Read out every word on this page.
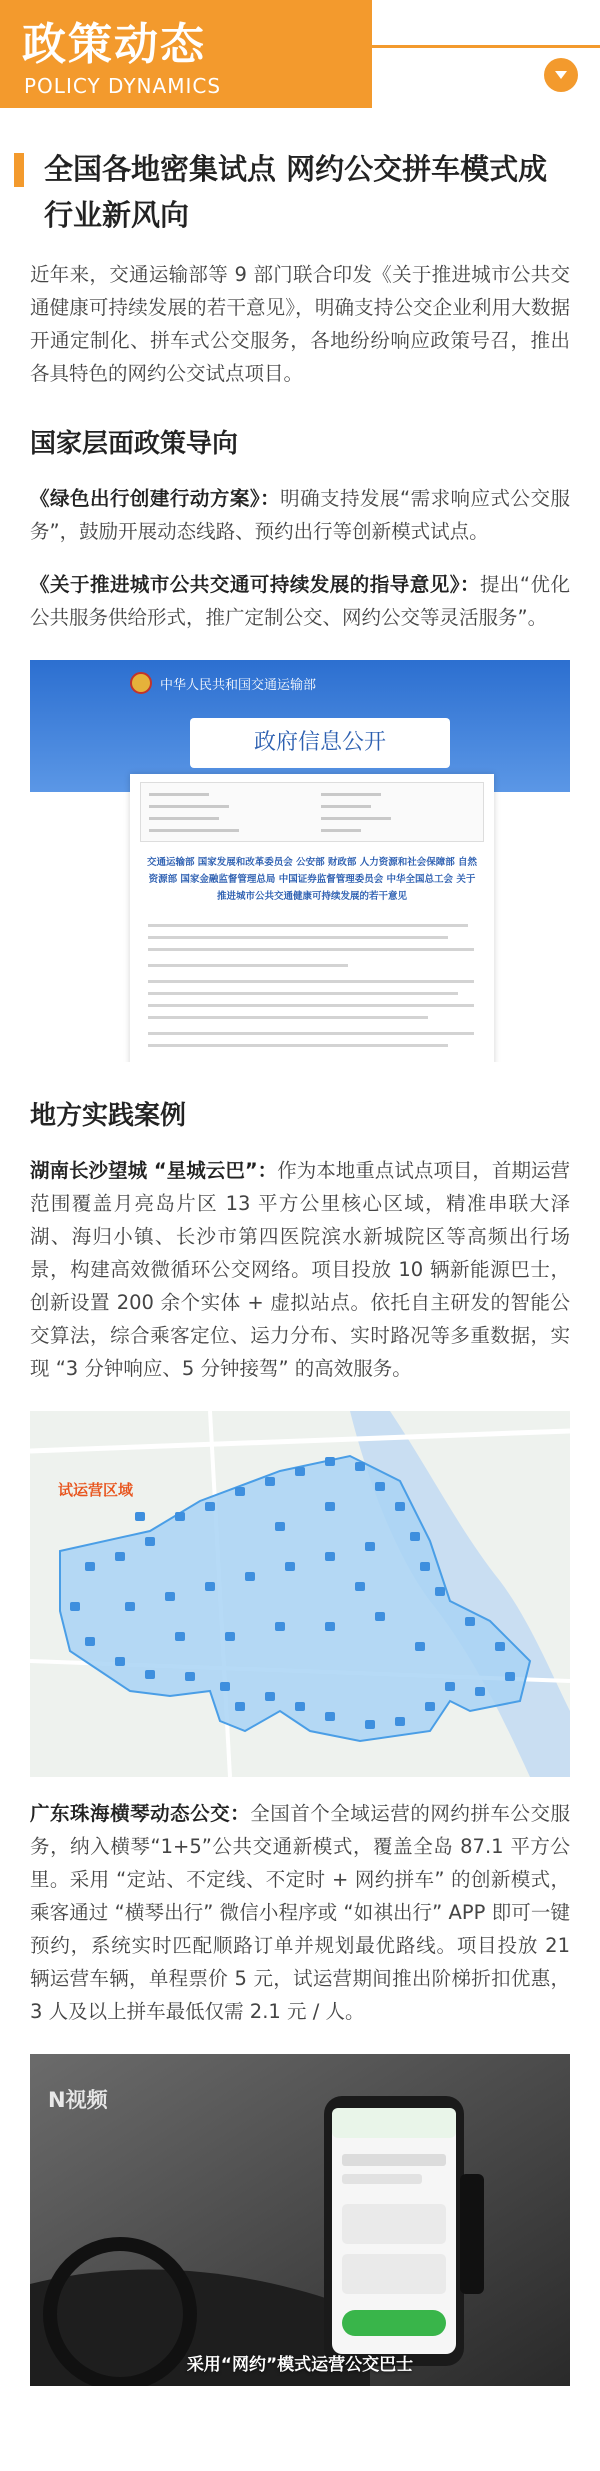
政策动态
POLICY DYNAMICS
全国各地密集试点 网约公交拼车模式成行业新风向

近年来，交通运输部等 9 部门联合印发《关于推进城市公共交通健康可持续发展的若干意见》，明确支持公交企业利用大数据开通定制化、拼车式公交服务，各地纷纷响应政策号召，推出各具特色的网约公交试点项目。

国家层面政策导向

《绿色出行创建行动方案》：明确支持发展“需求响应式公交服务”，鼓励开展动态线路、预约出行等创新模式试点。

《关于推进城市公共交通可持续发展的指导意见》：提出“优化公共服务供给形式，推广定制公交、网约公交等灵活服务”。

中华人民共和国交通运输部
政府信息公开
交通运输部 国家发展和改革委员会 公安部 财政部 人力资源和社会保障部 自然资源部 国家金融监督管理总局 中国证券监督管理委员会 中华全国总工会 关于推进城市公共交通健康可持续发展的若干意见
地方实践案例

湖南长沙望城 “星城云巴”：作为本地重点试点项目，首期运营范围覆盖月亮岛片区 13 平方公里核心区域，精准串联大泽湖、海归小镇、长沙市第四医院滨水新城院区等高频出行场景，构建高效微循环公交网络。项目投放 10 辆新能源巴士，创新设置 200 余个实体 + 虚拟站点。依托自主研发的智能公交算法，综合乘客定位、运力分布、实时路况等多重数据，实现 “3 分钟响应、5 分钟接驾” 的高效服务。

试运营区域

广东珠海横琴动态公交：全国首个全域运营的网约拼车公交服务，纳入横琴“1+5”公共交通新模式，覆盖全岛 87.1 平方公里。采用 “定站、不定线、不定时 + 网约拼车” 的创新模式，乘客通过 “横琴出行” 微信小程序或 “如祺出行” APP 即可一键预约，系统实时匹配顺路订单并规划最优路线。项目投放 21 辆运营车辆，单程票价 5 元，试运营期间推出阶梯折扣优惠，3 人及以上拼车最低仅需 2.1 元 / 人。

N视频
采用“网约”模式运营公交巴士
